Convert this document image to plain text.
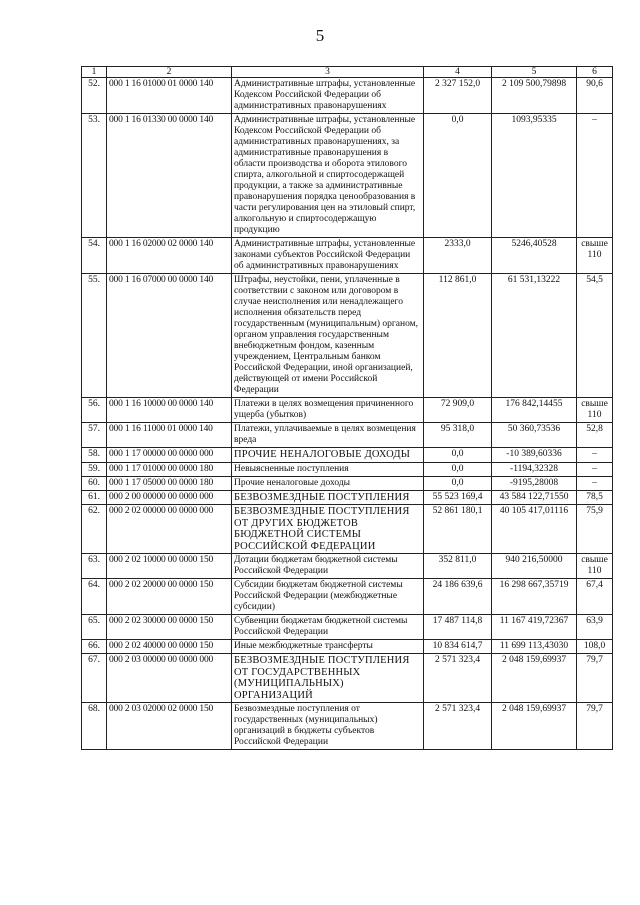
5
1	2	3	4	5	6
52.	000 1 16 01000 01 0000 140	Административные штрафы, установленные Кодексом Российской Федерации об административных правонарушениях	2 327 152,0	2 109 500,79898	90,6
53.	000 1 16 01330 00 0000 140	Административные штрафы, установленные Кодексом Российской Федерации об административных правонарушениях, за административные правонарушения в области производства и оборота этилового спирта, алкогольной и спиртосодержащей продукции, а также за административные правонарушения порядка ценообразования в части регулирования цен на этиловый спирт, алкогольную и спиртосодержащую продукцию	0,0	1093,95335	–
54.	000 1 16 02000 02 0000 140	Административные штрафы, установленные законами субъектов Российской Федерации об административных правонарушениях	2333,0	5246,40528	свыше 110
55.	000 1 16 07000 00 0000 140	Штрафы, неустойки, пени, уплаченные в соответствии с законом или договором в случае неисполнения или ненадлежащего исполнения обязательств перед государственным (муниципальным) органом, органом управления государственным внебюджетным фондом, казенным учреждением, Центральным банком Российской Федерации, иной организацией, действующей от имени Российской Федерации	112 861,0	61 531,13222	54,5
56.	000 1 16 10000 00 0000 140	Платежи в целях возмещения причиненного ущерба (убытков)	72 909,0	176 842,14455	свыше 110
57.	000 1 16 11000 01 0000 140	Платежи, уплачиваемые в целях возмещения вреда	95 318,0	50 360,73536	52,8
58.	000 1 17 00000 00 0000 000	ПРОЧИЕ НЕНАЛОГОВЫЕ ДОХОДЫ	0,0	-10 389,60336	–
59.	000 1 17 01000 00 0000 180	Невыясненные поступления	0,0	-1194,32328	–
60.	000 1 17 05000 00 0000 180	Прочие неналоговые доходы	0,0	-9195,28008	–
61.	000 2 00 00000 00 0000 000	БЕЗВОЗМЕЗДНЫЕ ПОСТУПЛЕНИЯ	55 523 169,4	43 584 122,71550	78,5
62.	000 2 02 00000 00 0000 000	БЕЗВОЗМЕЗДНЫЕ ПОСТУПЛЕНИЯ ОТ ДРУГИХ БЮДЖЕТОВ БЮДЖЕТНОЙ СИСТЕМЫ РОССИЙСКОЙ ФЕДЕРАЦИИ	52 861 180,1	40 105 417,01116	75,9
63.	000 2 02 10000 00 0000 150	Дотации бюджетам бюджетной системы Российской Федерации	352 811,0	940 216,50000	свыше 110
64.	000 2 02 20000 00 0000 150	Субсидии бюджетам бюджетной системы Российской Федерации (межбюджетные субсидии)	24 186 639,6	16 298 667,35719	67,4
65.	000 2 02 30000 00 0000 150	Субвенции бюджетам бюджетной системы Российской Федерации	17 487 114,8	11 167 419,72367	63,9
66.	000 2 02 40000 00 0000 150	Иные межбюджетные трансферты	10 834 614,7	11 699 113,43030	108,0
67.	000 2 03 00000 00 0000 000	БЕЗВОЗМЕЗДНЫЕ ПОСТУПЛЕНИЯ ОТ ГОСУДАРСТВЕННЫХ (МУНИЦИПАЛЬНЫХ) ОРГАНИЗАЦИЙ	2 571 323,4	2 048 159,69937	79,7
68.	000 2 03 02000 02 0000 150	Безвозмездные поступления от государственных (муниципальных) организаций в бюджеты субъектов Российской Федерации	2 571 323,4	2 048 159,69937	79,7
